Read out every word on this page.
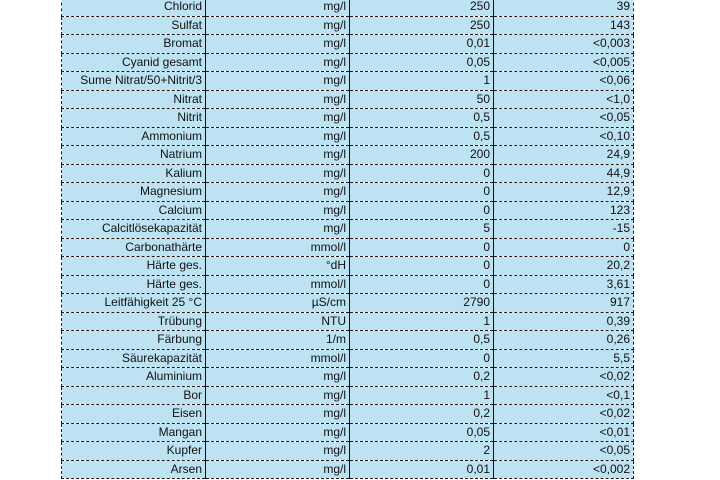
Chlorid	mg/l	250	39
Sulfat	mg/l	250	143
Bromat	mg/l	0,01	<0,003
Cyanid gesamt	mg/l	0,05	<0,005
Sume Nitrat/50+Nitrit/3	mg/l	1	<0,06
Nitrat	mg/l	50	<1,0
Nitrit	mg/l	0,5	<0,05
Ammonium	mg/l	0,5	<0,10
Natrium	mg/l	200	24,9
Kalium	mg/l	0	44,9
Magnesium	mg/l	0	12,9
Calcium	mg/l	0	123
Calcitlösekapazität	mg/l	5	-15
Carbonathärte	mmol/l	0	0
Härte ges.	°dH	0	20,2
Härte ges.	mmol/l	0	3,61
Leitfähigkeit 25 °C	µS/cm	2790	917
Trübung	NTU	1	0,39
Färbung	1/m	0,5	0,26
Säurekapazität	mmol/l	0	5,5
Aluminium	mg/l	0,2	<0,02
Bor	mg/l	1	<0,1
Eisen	mg/l	0,2	<0,02
Mangan	mg/l	0,05	<0,01
Kupfer	mg/l	2	<0,05
Arsen	mg/l	0,01	<0,002
